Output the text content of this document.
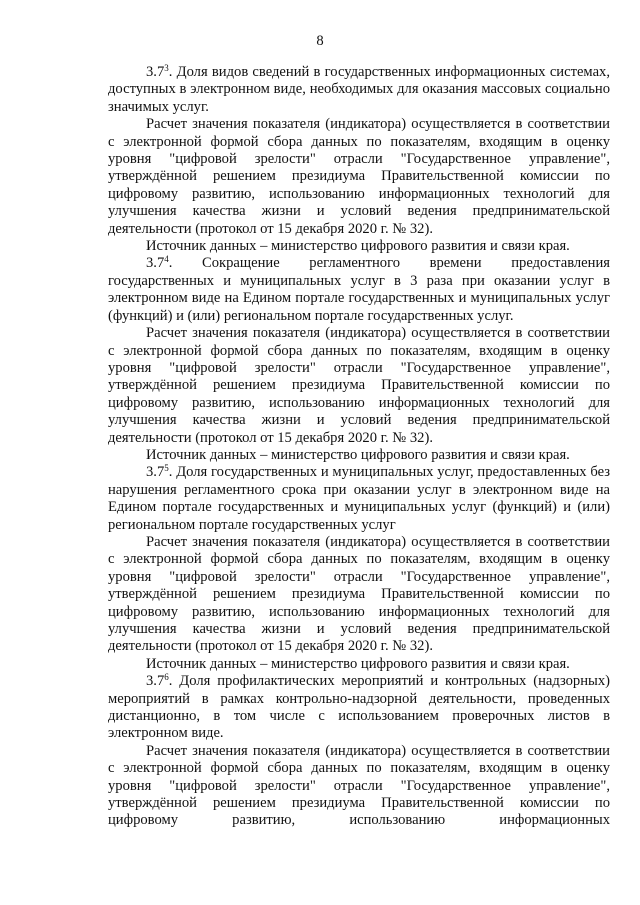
8

$3.7^3$. Доля видов сведений в государственных информационных системах, доступных в электронном виде, необходимых для оказания массовых социально значимых услуг.

Расчет значения показателя (индикатора) осуществляется в соответствии с электронной формой сбора данных по показателям, входящим в оценку уровня "цифровой зрелости" отрасли "Государственное управление", утверждённой решением президиума Правительственной комиссии по цифровому развитию, использованию информационных технологий для улучшения качества жизни и условий ведения предпринимательской деятельности (протокол от 15 декабря 2020 г. № 32).

Источник данных – министерство цифрового развития и связи края.

$3.7^4$. Сокращение регламентного времени предоставления государственных и муниципальных услуг в 3 раза при оказании услуг в электронном виде на Едином портале государственных и муниципальных услуг (функций) и (или) региональном портале государственных услуг.

Расчет значения показателя (индикатора) осуществляется в соответствии с электронной формой сбора данных по показателям, входящим в оценку уровня "цифровой зрелости" отрасли "Государственное управление", утверждённой решением президиума Правительственной комиссии по цифровому развитию, использованию информационных технологий для улучшения качества жизни и условий ведения предпринимательской деятельности (протокол от 15 декабря 2020 г. № 32).

Источник данных – министерство цифрового развития и связи края.

$3.7^5$. Доля государственных и муниципальных услуг, предоставленных без нарушения регламентного срока при оказании услуг в электронном виде на Едином портале государственных и муниципальных услуг (функций) и (или) региональном портале государственных услуг

Расчет значения показателя (индикатора) осуществляется в соответствии с электронной формой сбора данных по показателям, входящим в оценку уровня "цифровой зрелости" отрасли "Государственное управление", утверждённой решением президиума Правительственной комиссии по цифровому развитию, использованию информационных технологий для улучшения качества жизни и условий ведения предпринимательской деятельности (протокол от 15 декабря 2020 г. № 32).

Источник данных – министерство цифрового развития и связи края.

$3.7^6$. Доля профилактических мероприятий и контрольных (надзорных) мероприятий в рамках контрольно-надзорной деятельности, проведенных дистанционно, в том числе с использованием проверочных листов в электронном виде.

Расчет значения показателя (индикатора) осуществляется в соответствии с электронной формой сбора данных по показателям, входящим в оценку уровня "цифровой зрелости" отрасли "Государственное управление", утверждённой решением президиума Правительственной комиссии по цифровому развитию, использованию информационных
